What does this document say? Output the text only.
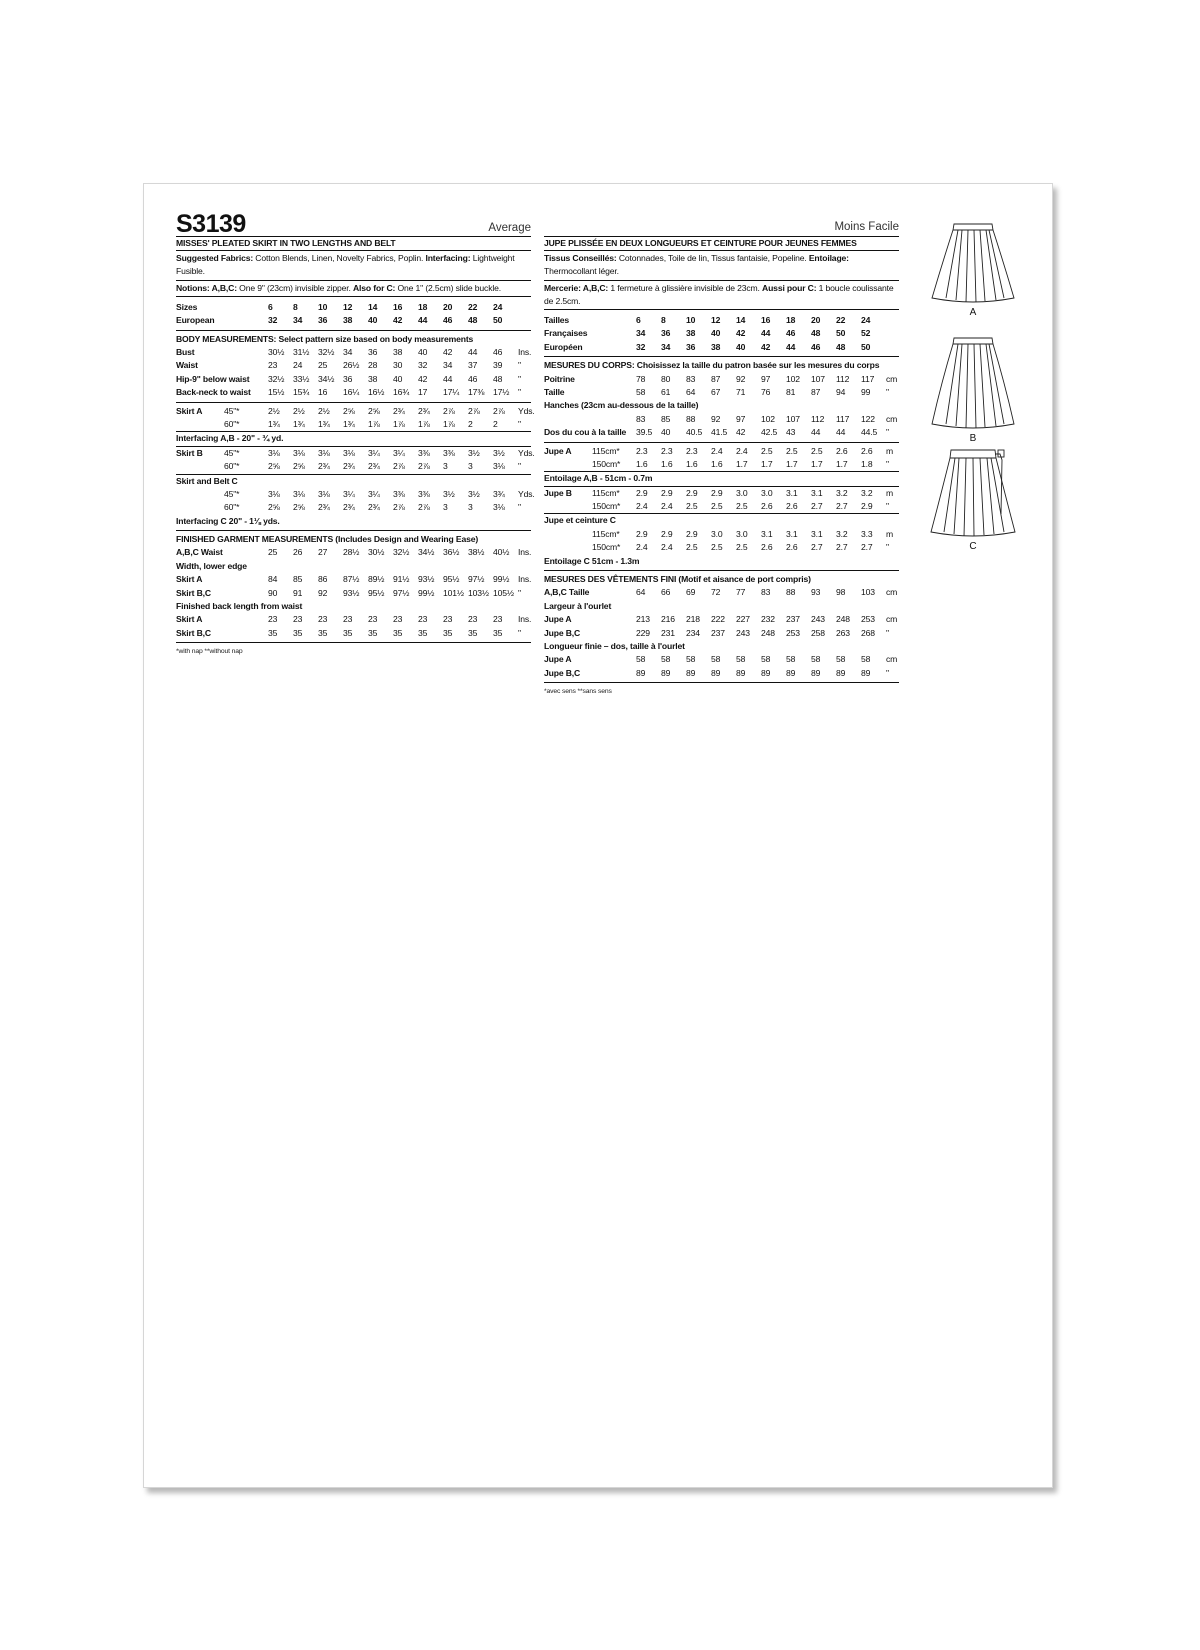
S3139	Average
MISSES' PLEATED SKIRT IN TWO LENGTHS AND BELT
Suggested Fabrics: Cotton Blends, Linen, Novelty Fabrics, Poplin. Interfacing: Lightweight Fusible.
Notions: A,B,C: One 9" (23cm) invisible zipper. Also for C: One 1" (2.5cm) slide buckle.
Sizes	6	8	10	12	14	16	18	20	22	24
European	32	34	36	38	40	42	44	46	48	50
BODY MEASUREMENTS: Select pattern size based on body measurements
Bust	30½	31½	32½	34	36	38	40	42	44	46	Ins.
Waist	23	24	25	26½	28	30	32	34	37	39	"
Hip-9" below waist	32½	33½	34½	36	38	40	42	44	46	48	"
Back-neck to waist	15½	15¾	16	16¼	16½	16¾	17	17¼	17⅜	17½	"
Skirt A	45"*	2½	2½	2½	2⅝	2⅝	2¾	2¾	2⅞	2⅞	2⅞	Yds.
60"*	1¾	1¾	1¾	1¾	1⅞	1⅞	1⅞	1⅞	2	2	"
Interfacing A,B - 20" - ¾ yd.
Skirt B 45"*	3⅛	3⅛	3⅛	3⅛	3¼	3¼	3⅜	3⅜	3½	3½	Yds.
60"*	2⅝	2⅝	2¾	2¾	2¾	2⅞	2⅞	3	3	3⅛	"
Skirt and Belt C
45"*	3⅛	3⅛	3⅛	3¼	3¼	3⅜	3⅜	3½	3½	3¾	Yds.
60"*	2⅝	2⅝	2¾	2¾	2¾	2⅞	2⅞	3	3	3⅛	"
Interfacing C 20" - 1⅛ yds.
FINISHED GARMENT MEASUREMENTS (Includes Design and Wearing Ease)
A,B,C Waist	25	26	27	28½	30½	32½	34½	36½	38½	40½	Ins.
Width, lower edge
Skirt A	84	85	86	87½	89½	91½	93½	95½	97½	99½	Ins.
Skirt B,C	90	91	92	93½	95½	97½	99½	101½ 103½ 105½ "
Finished back length from waist
Skirt A	23	23	23	23	23	23	23	23	23	23	Ins.
Skirt B,C	35	35	35	35	35	35	35	35	35	35	"
*with nap **without nap
Moins Facile
JUPE PLISSÉE EN DEUX LONGUEURS ET CEINTURE POUR JEUNES FEMMES
Tissus Conseillés: Cotonnades, Toile de lin, Tissus fantaisie, Popeline. Entoilage: Thermocollant léger.
Mercerie: A,B,C: 1 fermeture à glissière invisible de 23cm. Aussi pour C: 1 boucle coulissante de 2.5cm.
Tailles	6	8	10	12	14	16	18	20	22	24
Françaises	34	36	38	40	42	44	46	48	50	52
Européen	32	34	36	38	40	42	44	46	48	50
MESURES DU CORPS: Choisissez la taille du patron basée sur les mesures du corps
Poitrine	78	80	83	87	92	97	102	107	112	117	cm
Taille	58	61	64	67	71	76	81	87	94	99	"
Hanches (23cm au-dessous de la taille)
83	85	88	92	97	102	107	112	117	122	cm
Dos du cou à la taille	39.5	40	40.5	41.5	42	42.5	43	44	44	44.5	"
Jupe A 115cm*	2.3	2.3	2.3	2.4	2.4	2.5	2.5	2.5	2.6	2.6	m
150cm*	1.6	1.6	1.6	1.6	1.7	1.7	1.7	1.7	1.7	1.8	"
Entoilage A,B - 51cm - 0.7m
Jupe B 115cm*	2.9	2.9	2.9	2.9	3.0	3.0	3.1	3.1	3.2	3.2	m
150cm*	2.4	2.4	2.5	2.5	2.5	2.6	2.6	2.7	2.7	2.9	"
Jupe et ceinture C
115cm*	2.9	2.9	2.9	3.0	3.0	3.1	3.1	3.1	3.2	3.3	m
150cm*	2.4	2.4	2.5	2.5	2.5	2.6	2.6	2.7	2.7	2.7	"
Entoilage C 51cm - 1.3m
MESURES DES VÊTEMENTS FINI (Motif et aisance de port compris)
A,B,C Taille	64	66	69	72	77	83	88	93	98	103	cm
Largeur à l'ourlet
Jupe A	213	216	218	222	227	232	237	243	248	253	cm
Jupe B,C	229	231	234	237	243	248	253	258	263	268	"
Longueur finie – dos, taille à l'ourlet
Jupe A	58	58	58	58	58	58	58	58	58	58	cm
Jupe B,C	89	89	89	89	89	89	89	89	89	89	"
*avec sens **sans sens
A
B
C
